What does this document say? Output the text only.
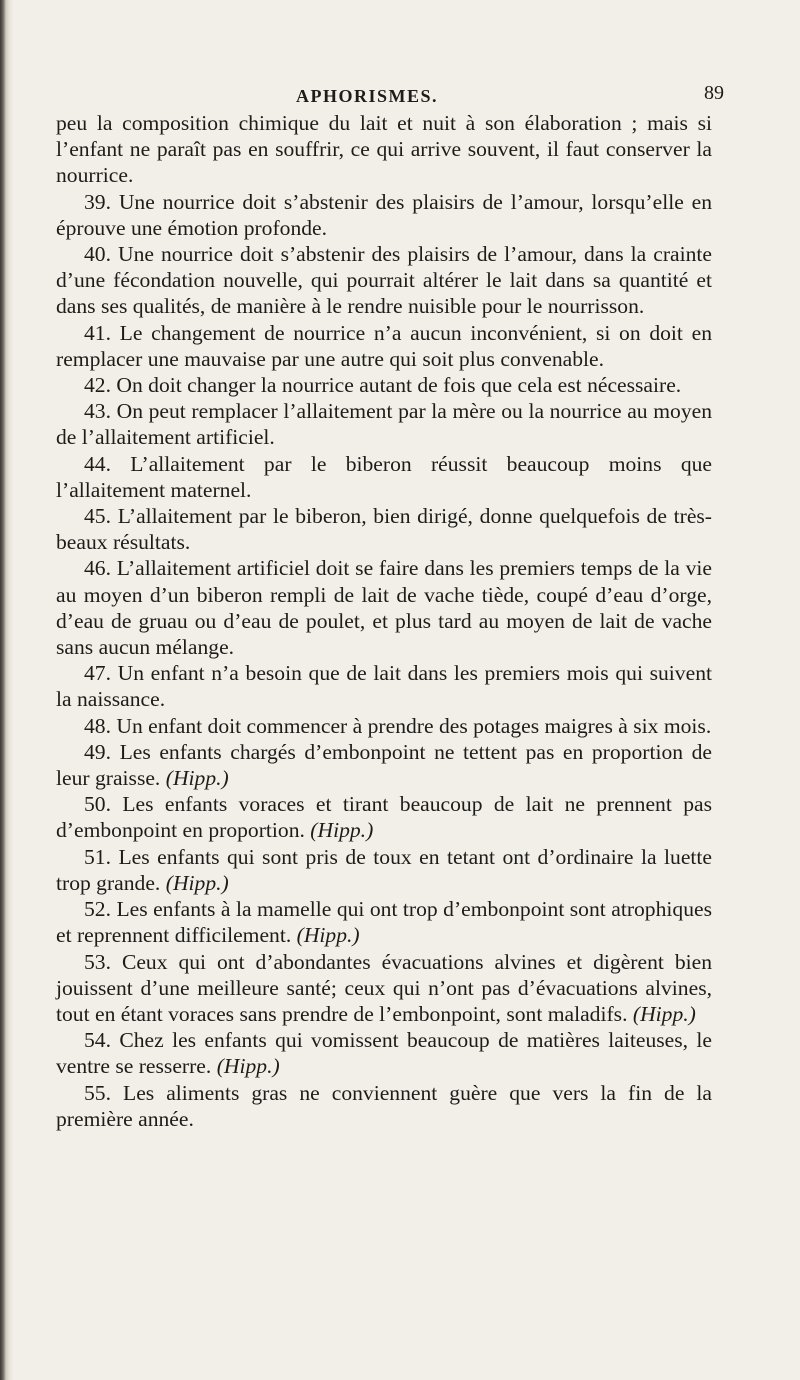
APHORISMES.	89

peu la composition chimique du lait et nuit à son élaboration ; mais si l’enfant ne paraît pas en souffrir, ce qui arrive souvent, il faut conserver la nourrice.

39. Une nourrice doit s’abstenir des plaisirs de l’amour, lorsqu’elle en éprouve une émotion profonde.

40. Une nourrice doit s’abstenir des plaisirs de l’amour, dans la crainte d’une fécondation nouvelle, qui pourrait altérer le lait dans sa quantité et dans ses qualités, de manière à le rendre nuisible pour le nourrisson.

41. Le changement de nourrice n’a aucun inconvénient, si on doit en remplacer une mauvaise par une autre qui soit plus convenable.

42. On doit changer la nourrice autant de fois que cela est nécessaire.

43. On peut remplacer l’allaitement par la mère ou la nourrice au moyen de l’allaitement artificiel.

44. L’allaitement par le biberon réussit beaucoup moins que l’allaitement maternel.

45. L’allaitement par le biberon, bien dirigé, donne quelquefois de très-beaux résultats.

46. L’allaitement artificiel doit se faire dans les premiers temps de la vie au moyen d’un biberon rempli de lait de vache tiède, coupé d’eau d’orge, d’eau de gruau ou d’eau de poulet, et plus tard au moyen de lait de vache sans aucun mélange.

47. Un enfant n’a besoin que de lait dans les premiers mois qui suivent la naissance.

48. Un enfant doit commencer à prendre des potages maigres à six mois.

49. Les enfants chargés d’embonpoint ne tettent pas en proportion de leur graisse. (Hipp.)

50. Les enfants voraces et tirant beaucoup de lait ne prennent pas d’embonpoint en proportion. (Hipp.)

51. Les enfants qui sont pris de toux en tetant ont d’ordinaire la luette trop grande. (Hipp.)

52. Les enfants à la mamelle qui ont trop d’embonpoint sont atrophiques et reprennent difficilement. (Hipp.)

53. Ceux qui ont d’abondantes évacuations alvines et digèrent bien jouissent d’une meilleure santé; ceux qui n’ont pas d’évacuations alvines, tout en étant voraces sans prendre de l’embonpoint, sont maladifs. (Hipp.)

54. Chez les enfants qui vomissent beaucoup de matières laiteuses, le ventre se resserre. (Hipp.)

55. Les aliments gras ne conviennent guère que vers la fin de la première année.
